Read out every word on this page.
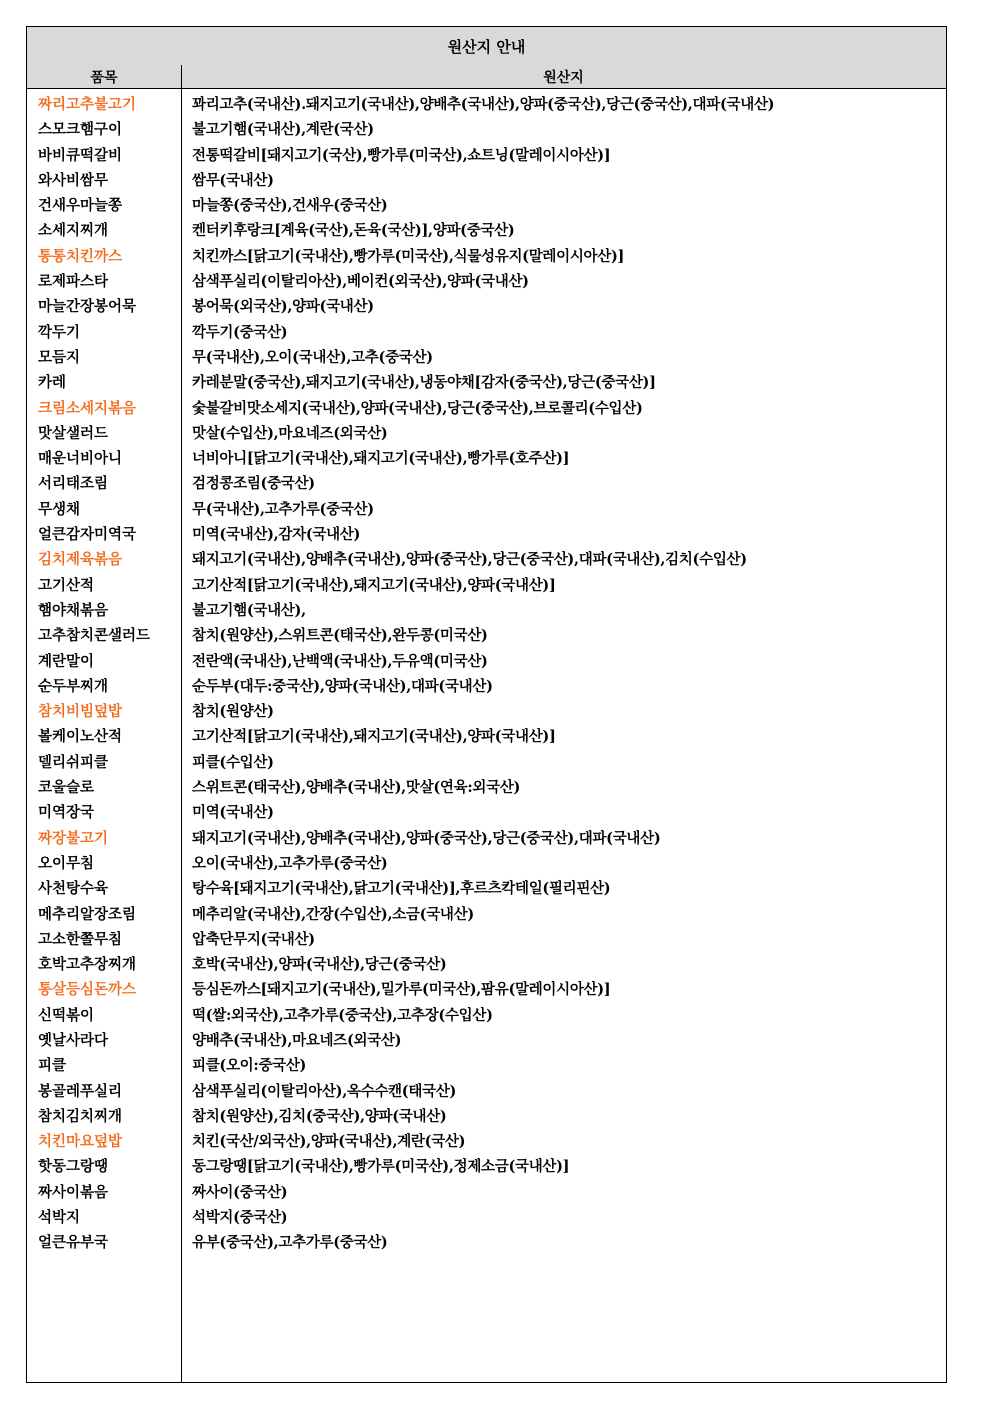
원산지 안내
품목	원산지
짜리고추불고기	꽈리고추(국내산).돼지고기(국내산),양배추(국내산),양파(중국산),당근(중국산),대파(국내산)
스모크햄구이	불고기햄(국내산),계란(국산)
바비큐떡갈비	전통떡갈비[돼지고기(국산),빵가루(미국산),쇼트닝(말레이시아산)]
와사비쌈무	쌈무(국내산)
건새우마늘쫑	마늘쫑(중국산),건새우(중국산)
소세지찌개	켄터키후랑크[계육(국산),돈육(국산)],양파(중국산)
통통치킨까스	치킨까스[닭고기(국내산),빵가루(미국산),식물성유지(말레이시아산)]
로제파스타	삼색푸실리(이탈리아산),베이컨(외국산),양파(국내산)
마늘간장봉어묵	봉어묵(외국산),양파(국내산)
깍두기	깍두기(중국산)
모듬지	무(국내산),오이(국내산),고추(중국산)
카레	카레분말(중국산),돼지고기(국내산),냉동야채[감자(중국산),당근(중국산)]
크림소세지볶음	숯불갈비맛소세지(국내산),양파(국내산),당근(중국산),브로콜리(수입산)
맛살샐러드	맛살(수입산),마요네즈(외국산)
매운너비아니	너비아니[닭고기(국내산),돼지고기(국내산),빵가루(호주산)]
서리태조림	검정콩조림(중국산)
무생채	무(국내산),고추가루(중국산)
얼큰감자미역국	미역(국내산),감자(국내산)
김치제육볶음	돼지고기(국내산),양배추(국내산),양파(중국산),당근(중국산),대파(국내산),김치(수입산)
고기산적	고기산적[닭고기(국내산),돼지고기(국내산),양파(국내산)]
햄야채볶음	불고기햄(국내산),
고추참치콘샐러드	참치(원양산),스위트콘(태국산),완두콩(미국산)
계란말이	전란액(국내산),난백액(국내산),두유액(미국산)
순두부찌개	순두부(대두:중국산),양파(국내산),대파(국내산)
참치비빔덮밥	참치(원양산)
볼케이노산적	고기산적[닭고기(국내산),돼지고기(국내산),양파(국내산)]
델리쉬피클	피클(수입산)
코울슬로	스위트콘(태국산),양배추(국내산),맛살(연육:외국산)
미역장국	미역(국내산)
짜장불고기	돼지고기(국내산),양배추(국내산),양파(중국산),당근(중국산),대파(국내산)
오이무침	오이(국내산),고추가루(중국산)
사천탕수육	탕수육[돼지고기(국내산),닭고기(국내산)],후르츠칵테일(필리핀산)
메추리알장조림	메추리알(국내산),간장(수입산),소금(국내산)
고소한쫄무침	압축단무지(국내산)
호박고추장찌개	호박(국내산),양파(국내산),당근(중국산)
통살등심돈까스	등심돈까스[돼지고기(국내산),밀가루(미국산),팜유(말레이시아산)]
신떡볶이	떡(쌀:외국산),고추가루(중국산),고추장(수입산)
옛날사라다	양배추(국내산),마요네즈(외국산)
피클	피클(오이:중국산)
봉골레푸실리	삼색푸실리(이탈리아산),옥수수캔(태국산)
참치김치찌개	참치(원양산),김치(중국산),양파(국내산)
치킨마요덮밥	치킨(국산/외국산),양파(국내산),계란(국산)
핫동그랑땡	동그랑땡[닭고기(국내산),빵가루(미국산),정제소금(국내산)]
짜사이볶음	짜사이(중국산)
석박지	석박지(중국산)
얼큰유부국	유부(중국산),고추가루(중국산)
